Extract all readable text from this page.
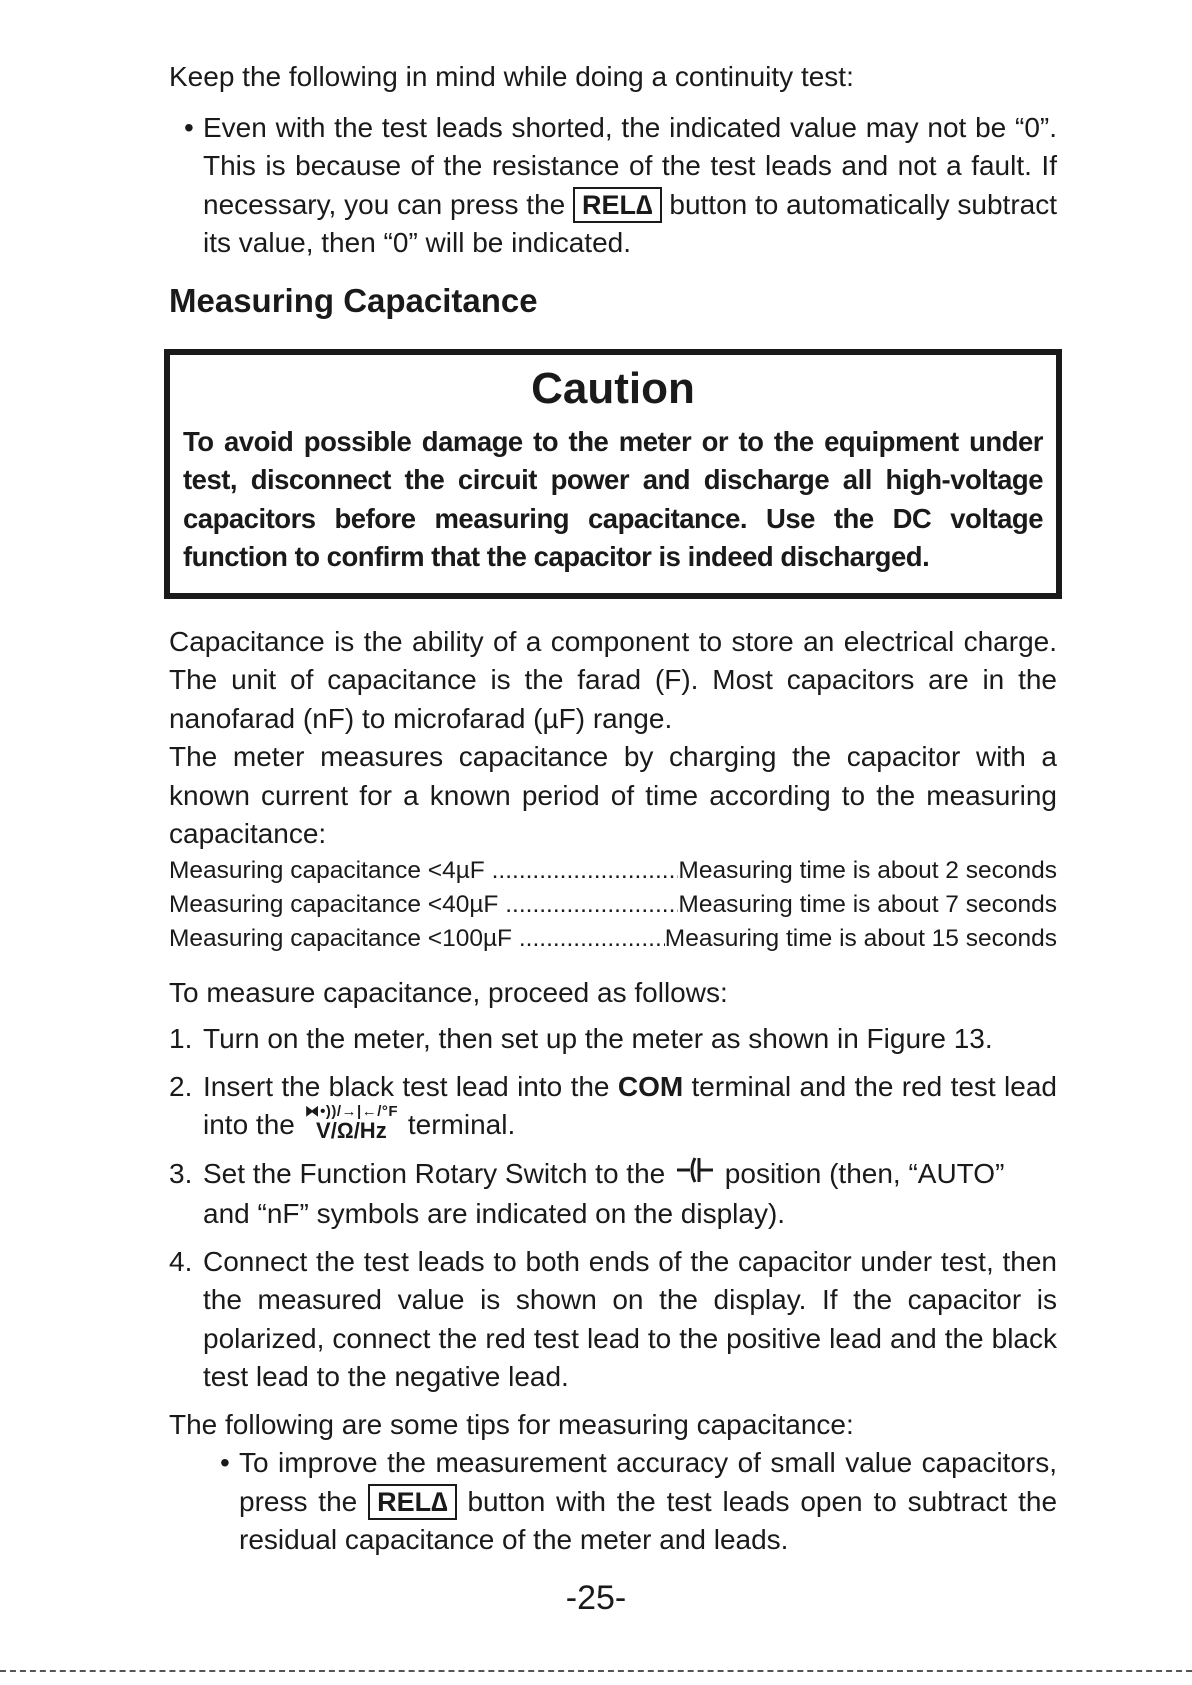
Keep the following in mind while doing a continuity test:

• Even with the test leads shorted, the indicated value may not be “0”. This is because of the resistance of the test leads and not a fault. If necessary, you can press the REL∆ button to automatically subtract its value, then “0” will be indicated.
Measuring Capacitance
Caution

To avoid possible damage to the meter or to the equipment under test, disconnect the circuit power and discharge all high-voltage capacitors before measuring capacitance. Use the DC voltage function to confirm that the capacitor is indeed discharged.

Capacitance is the ability of a component to store an electrical charge. The unit of capacitance is the farad (F). Most capacitors are in the nanofarad (nF) to microfarad (µF) range.

The meter measures capacitance by charging the capacitor with a known current for a known period of time according to the measuring capacitance:

Measuring capacitance <4µF .....	Measuring time is about 2 seconds
Measuring capacitance <40µF .....	Measuring time is about 7 seconds
Measuring capacitance <100µF .....	Measuring time is about 15 seconds

To measure capacitance, proceed as follows:

1. Turn on the meter, then set up the meter as shown in Figure 13.
2. Insert the black test lead into the COM terminal and the red test lead into the ⧓•))/→|←/°F
V/Ω/Hz terminal.
3. Set the Function Rotary Switch to the position (then, “AUTO” and “nF” symbols are indicated on the display).
4. Connect the test leads to both ends of the capacitor under test, then the measured value is shown on the display. If the capacitor is polarized, connect the red test lead to the positive lead and the black test lead to the negative lead.

The following are some tips for measuring capacitance:

• To improve the measurement accuracy of small value capacitors, press the REL∆ button with the test leads open to subtract the residual capacitance of the meter and leads.
-25-
